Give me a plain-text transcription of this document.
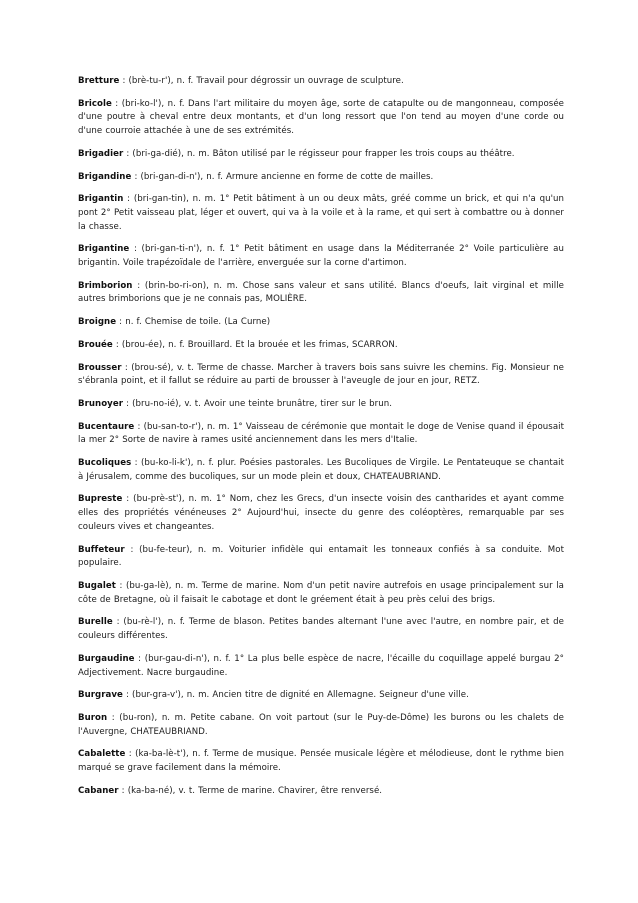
Bretture : (brè-tu-r'), n. f. Travail pour dégrossir un ouvrage de sculpture.

Bricole : (bri-ko-l'), n. f. Dans l'art militaire du moyen âge, sorte de catapulte ou de mangonneau, composée d'une poutre à cheval entre deux montants, et d'un long ressort que l'on tend au moyen d'une corde ou d'une courroie attachée à une de ses extrémités.

Brigadier : (bri-ga-dié), n. m. Bâton utilisé par le régisseur pour frapper les trois coups au théâtre.

Brigandine : (bri-gan-di-n'), n. f. Armure ancienne en forme de cotte de mailles.

Brigantin : (bri-gan-tin), n. m. 1° Petit bâtiment à un ou deux mâts, gréé comme un brick, et qui n'a qu'un pont 2° Petit vaisseau plat, léger et ouvert, qui va à la voile et à la rame, et qui sert à combattre ou à donner la chasse.

Brigantine : (bri-gan-ti-n'), n. f. 1° Petit bâtiment en usage dans la Méditerranée 2° Voile particulière au brigantin. Voile trapézoïdale de l'arrière, enverguée sur la corne d'artimon.

Brimborion : (brin-bo-ri-on), n. m. Chose sans valeur et sans utilité. Blancs d'oeufs, lait virginal et mille autres brimborions que je ne connais pas, MOLIÈRE.

Broigne : n. f. Chemise de toile. (La Curne)

Brouée : (brou-ée), n. f. Brouillard. Et la brouée et les frimas, SCARRON.

Brousser : (brou-sé), v. t. Terme de chasse. Marcher à travers bois sans suivre les chemins. Fig. Monsieur ne s'ébranla point, et il fallut se réduire au parti de brousser à l'aveugle de jour en jour, RETZ.

Brunoyer : (bru-no-ié), v. t. Avoir une teinte brunâtre, tirer sur le brun.

Bucentaure : (bu-san-to-r'), n. m. 1° Vaisseau de cérémonie que montait le doge de Venise quand il épousait la mer 2° Sorte de navire à rames usité anciennement dans les mers d'Italie.

Bucoliques : (bu-ko-li-k'), n. f. plur. Poésies pastorales. Les Bucoliques de Virgile. Le Pentateuque se chantait à Jérusalem, comme des bucoliques, sur un mode plein et doux, CHATEAUBRIAND.

Bupreste : (bu-prè-st'), n. m. 1° Nom, chez les Grecs, d'un insecte voisin des cantharides et ayant comme elles des propriétés vénéneuses 2° Aujourd'hui, insecte du genre des coléoptères, remarquable par ses couleurs vives et changeantes.

Buffeteur : (bu-fe-teur), n. m. Voiturier infidèle qui entamait les tonneaux confiés à sa conduite. Mot populaire.

Bugalet : (bu-ga-lè), n. m. Terme de marine. Nom d'un petit navire autrefois en usage principalement sur la côte de Bretagne, où il faisait le cabotage et dont le gréement était à peu près celui des brigs.

Burelle : (bu-rè-l'), n. f. Terme de blason. Petites bandes alternant l'une avec l'autre, en nombre pair, et de couleurs différentes.

Burgaudine : (bur-gau-di-n'), n. f. 1° La plus belle espèce de nacre, l'écaille du coquillage appelé burgau 2° Adjectivement. Nacre burgaudine.

Burgrave : (bur-gra-v'), n. m. Ancien titre de dignité en Allemagne. Seigneur d'une ville.

Buron : (bu-ron), n. m. Petite cabane. On voit partout (sur le Puy-de-Dôme) les burons ou les chalets de l'Auvergne, CHATEAUBRIAND.

Cabalette : (ka-ba-lè-t'), n. f. Terme de musique. Pensée musicale légère et mélodieuse, dont le rythme bien marqué se grave facilement dans la mémoire.

Cabaner : (ka-ba-né), v. t. Terme de marine. Chavirer, être renversé.
